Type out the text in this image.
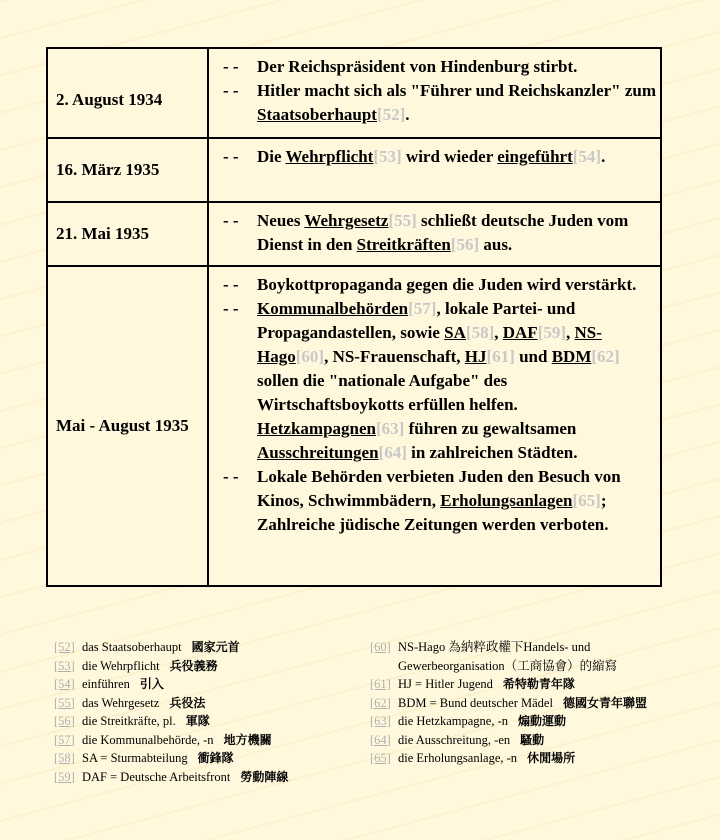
2. August 1934
- -	Der Reichspräsident von Hindenburg stirbt.
- -	Hitler macht sich als "Führer und Reichskanzler" zum Staatsoberhaupt[52].
16. März 1935
- -	Die Wehrpflicht[53] wird wieder eingeführt[54].
21. Mai 1935
- -	Neues Wehrgesetz[55] schließt deutsche Juden vom Dienst in den Streitkräften[56] aus.
Mai - August 1935
- -	Boykottpropaganda gegen die Juden wird verstärkt.
- -	Kommunalbehörden[57], lokale Partei- und Propagandastellen, sowie SA[58], DAF[59], NS-Hago[60], NS-Frauenschaft, HJ[61] und BDM[62] sollen die "nationale Aufgabe" des Wirtschaftsboykotts erfüllen helfen. Hetzkampagnen[63] führen zu gewaltsamen Ausschreitungen[64] in zahlreichen Städten.
- -	Lokale Behörden verbieten Juden den Besuch von Kinos, Schwimmbädern, Erholungsanlagen[65]; Zahlreiche jüdische Zeitungen werden verboten.
[52] das Staatsoberhaupt 國家元首
[53] die Wehrpflicht 兵役義務
[54] einführen 引入
[55] das Wehrgesetz 兵役法
[56] die Streitkräfte, pl. 軍隊
[57] die Kommunalbehörde, -n 地方機關
[58] SA = Sturmabteilung 衝鋒隊
[59] DAF = Deutsche Arbeitsfront 勞動陣線
[60] NS-Hago 為納粹政權下Handels- und Gewerbeorganisation（工商協會）的縮寫
[61] HJ = Hitler Jugend 希特勒青年隊
[62] BDM = Bund deutscher Mädel 德國女青年聯盟
[63] die Hetzkampagne, -n 煽動運動
[64] die Ausschreitung, -en 騷動
[65] die Erholungsanlage, -n 休閒場所
